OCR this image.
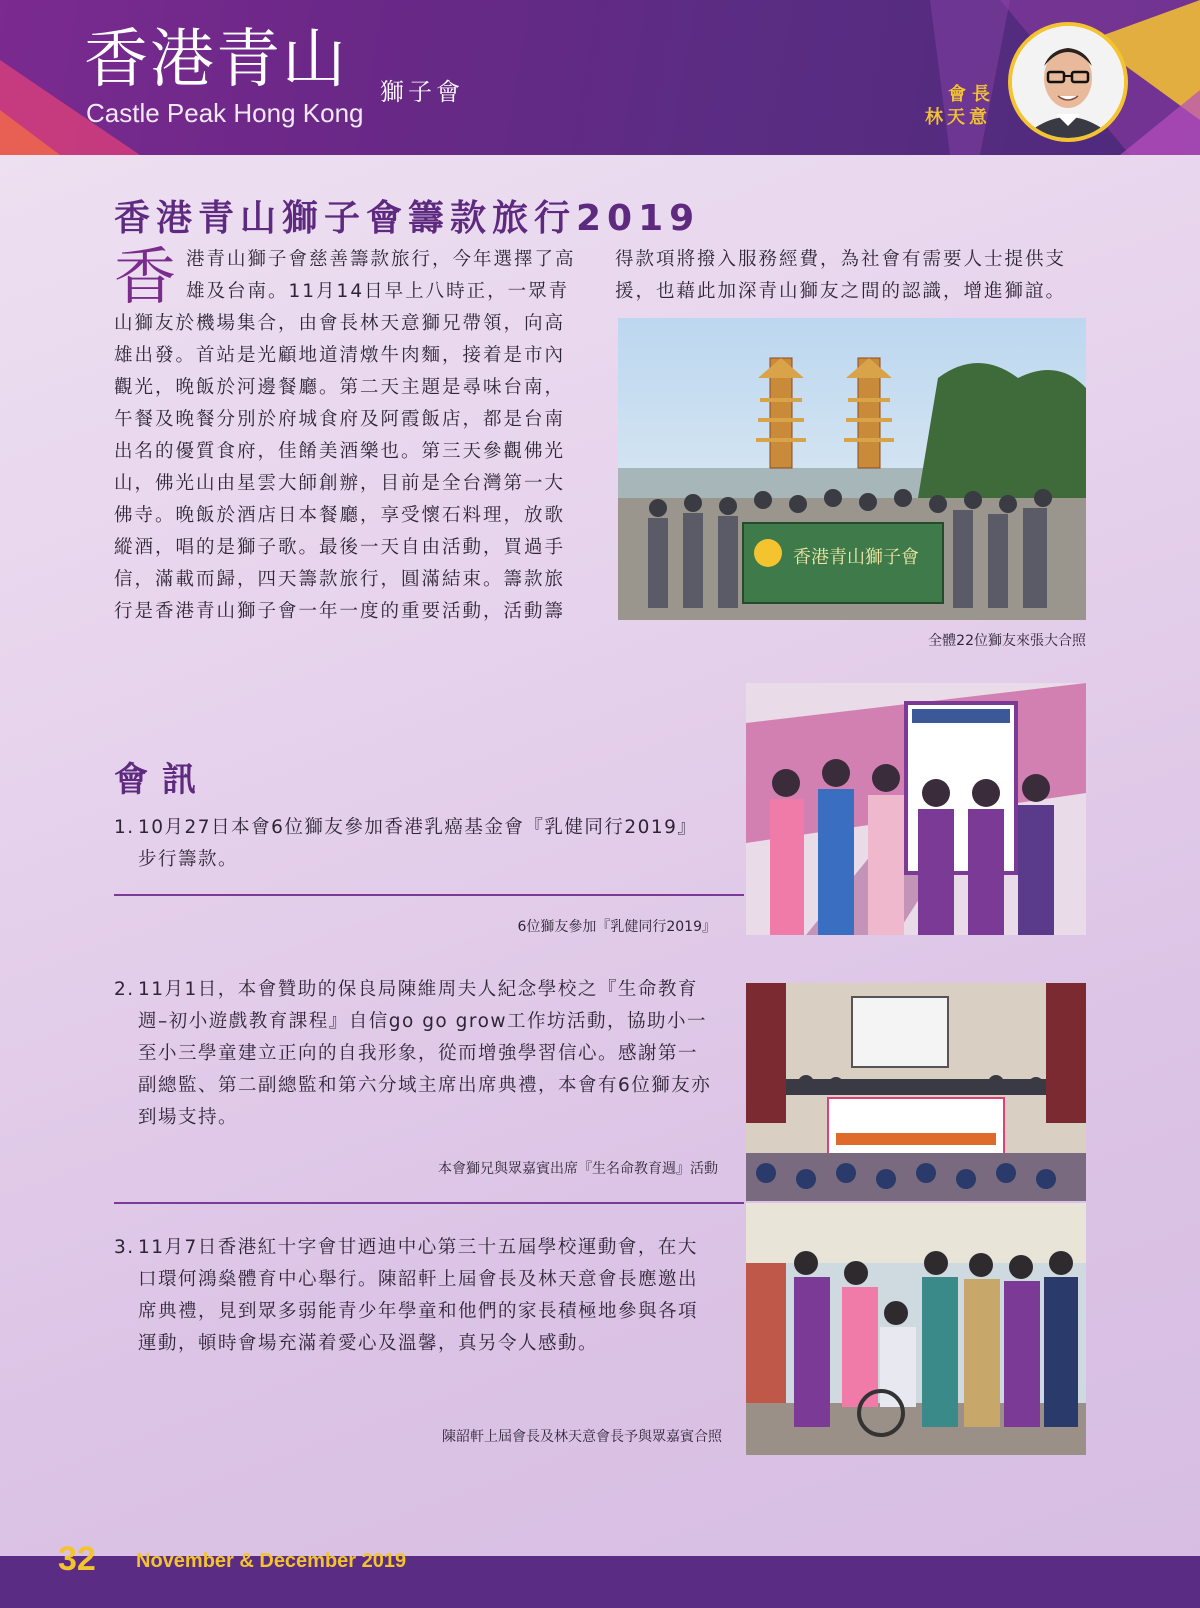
香港青山 獅子會
Castle Peak Hong Kong
會長
林天意
香港青山獅子會籌款旅行2019

香港青山獅子會慈善籌款旅行，今年選擇了高雄及台南。11月14日早上八時正，一眾青山獅友於機場集合，由會長林天意獅兄帶領，向高雄出發。首站是光顧地道清燉牛肉麵，接着是市內觀光，晚飯於河邊餐廳。第二天主題是尋味台南，午餐及晚餐分別於府城食府及阿霞飯店，都是台南出名的優質食府，佳餚美酒樂也。第三天參觀佛光山，佛光山由星雲大師創辦，目前是全台灣第一大佛寺。晚飯於酒店日本餐廳，享受懷石料理，放歌縱酒，唱的是獅子歌。最後一天自由活動，買過手信，滿載而歸，四天籌款旅行，圓滿結束。籌款旅行是香港青山獅子會一年一度的重要活動，活動籌

得款項將撥入服務經費，為社會有需要人士提供支援，也藉此加深青山獅友之間的認識，增進獅誼。

香港青山獅子會
全體22位獅友來張大合照
會訊
1. 10月27日本會6位獅友參加香港乳癌基金會『乳健同行2019』步行籌款。
6位獅友參加『乳健同行2019』
2. 11月1日，本會贊助的保良局陳維周夫人紀念學校之『生命教育週–初小遊戲教育課程』自信go go grow工作坊活動，協助小一至小三學童建立正向的自我形象，從而增強學習信心。感謝第一副總監、第二副總監和第六分域主席出席典禮，本會有6位獅友亦到場支持。
本會獅兄與眾嘉賓出席『生名命教育週』活動
3. 11月7日香港紅十字會甘迺迪中心第三十五屆學校運動會，在大口環何鴻燊體育中心舉行。陳韶軒上屆會長及林天意會長應邀出席典禮，見到眾多弱能青少年學童和他們的家長積極地參與各項運動，頓時會場充滿着愛心及溫馨，真另令人感動。
陳韶軒上屆會長及林天意會長予與眾嘉賓合照
32 November & December 2019
